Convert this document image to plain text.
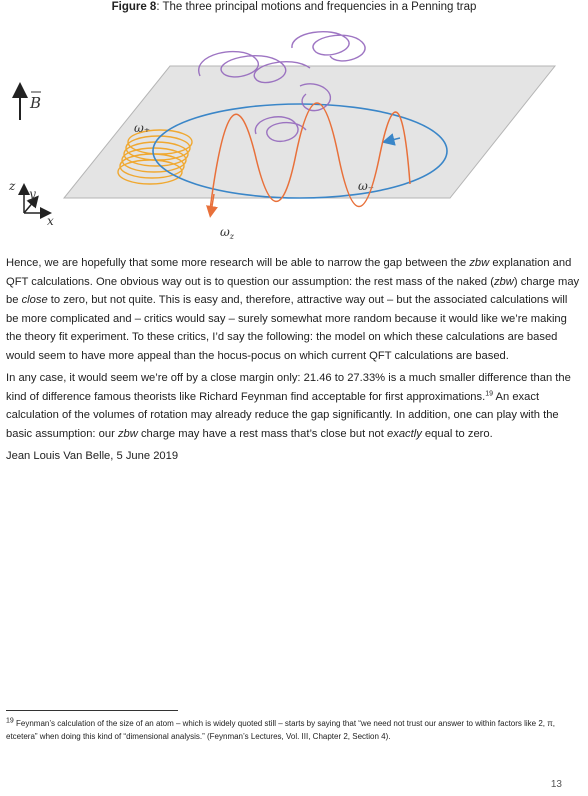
Figure 8: The three principal motions and frequencies in a Penning trap
B
z
y
x
ω₊
ω₋
$\omega_z$

Hence, we are hopefully that some more research will be able to narrow the gap between the zbw explanation and QFT calculations. One obvious way out is to question our assumption: the rest mass of the naked (zbw) charge may be close to zero, but not quite. This is easy and, therefore, attractive way out – but the associated calculations will be more complicated and – critics would say – surely somewhat more random because it would like we’re making the theory fit experiment. To these critics, I’d say the following: the model on which these calculations are based would seem to have more appeal than the hocus-pocus on which current QFT calculations are based.

In any case, it would seem we’re off by a close margin only: 21.46 to 27.33% is a much smaller difference than the kind of difference famous theorists like Richard Feynman find acceptable for first approximations.$^{19}$ An exact calculation of the volumes of rotation may already reduce the gap significantly. In addition, one can play with the basic assumption: our zbw charge may have a rest mass that’s close but not exactly equal to zero.

Jean Louis Van Belle, 5 June 2019

$^{19}$ Feynman’s calculation of the size of an atom – which is widely quoted still – starts by saying that “we need not trust our answer to within factors like 2, π, etcetera” when doing this kind of “dimensional analysis.” (Feynman’s Lectures, Vol. III, Chapter 2, Section 4).
13
